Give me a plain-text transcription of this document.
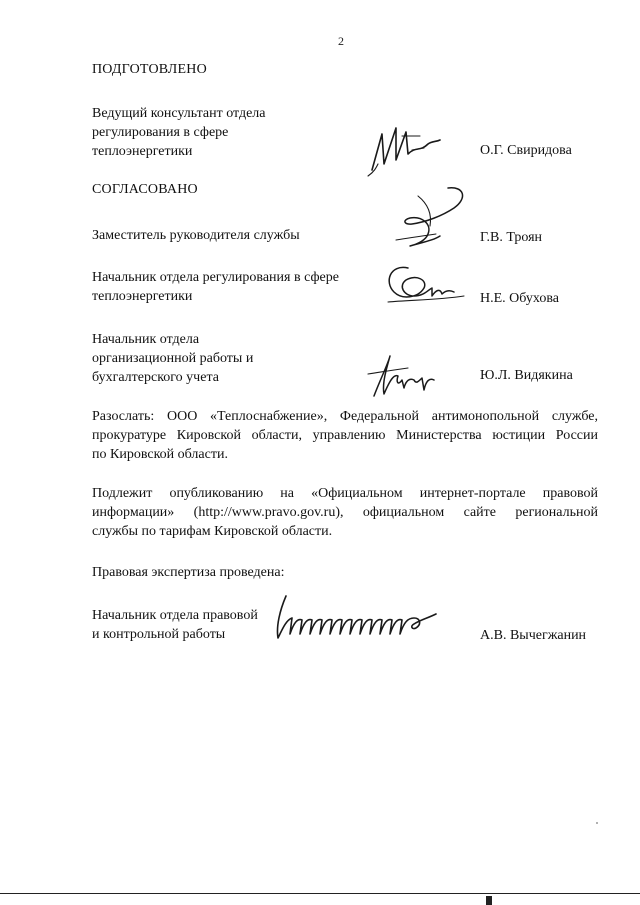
2
ПОДГОТОВЛЕНО
Ведущий консультант отдела
регулирования в сфере
теплоэнергетики	О.Г. Свиридова
СОГЛАСОВАНО
Заместитель руководителя службы	Г.В. Троян
Начальник отдела регулирования в сфере
теплоэнергетики	Н.Е. Обухова
Начальник отдела
организационной работы и
бухгалтерского учета	Ю.Л. Видякина
Разослать: ООО «Теплоснабжение», Федеральной антимонопольной службе,
прокуратуре Кировской области, управлению Министерства юстиции России
по Кировской области.
Подлежит опубликованию на «Официальном интернет-портале правовой
информации» (http://www.pravo.gov.ru), официальном сайте региональной
службы по тарифам Кировской области.
Правовая экспертиза проведена:
Начальник отдела правовой
и контрольной работы	А.В. Вычегжанин
